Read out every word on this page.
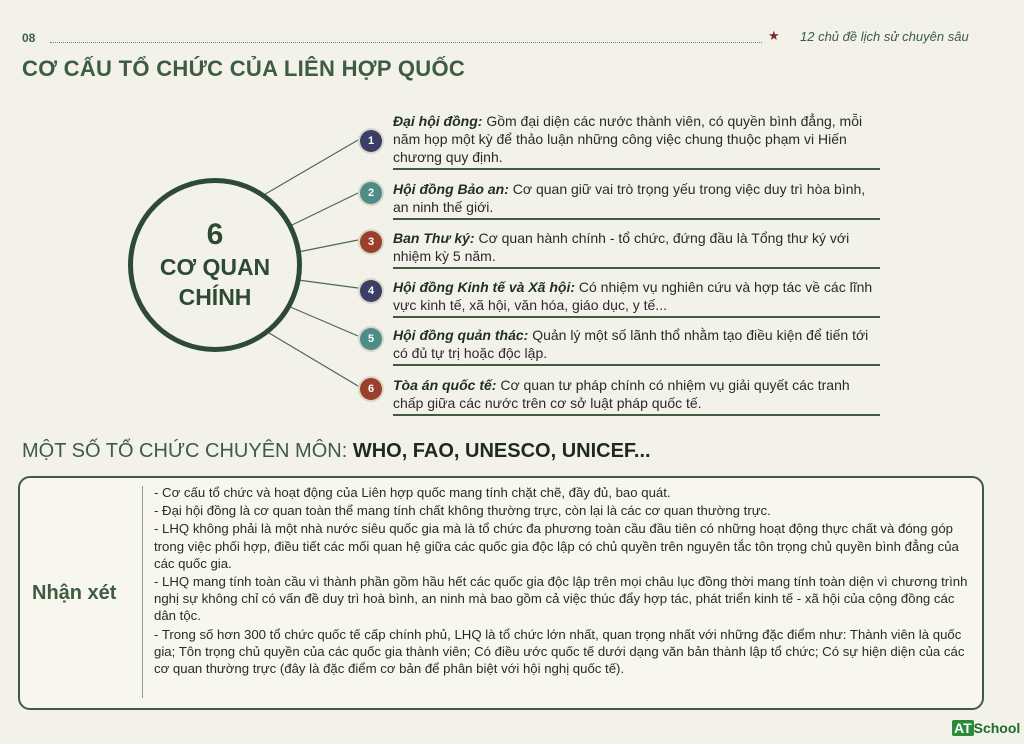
08	★ 12 chủ đề lịch sử chuyên sâu
CƠ CẤU TỔ CHỨC CỦA LIÊN HỢP QUỐC
6
CƠ QUAN CHÍNH
1
Đại hội đồng: Gồm đại diện các nước thành viên, có quyền bình đẳng, mỗi năm họp một kỳ để thảo luận những công việc chung thuộc phạm vi Hiến chương quy định.
2	Hội đồng Bảo an: Cơ quan giữ vai trò trọng yếu trong việc duy trì hòa bình, an ninh thế giới.
3	Ban Thư ký: Cơ quan hành chính - tổ chức, đứng đầu là Tổng thư ký với nhiệm kỳ 5 năm.
4	Hội đồng Kinh tế và Xã hội: Có nhiệm vụ nghiên cứu và hợp tác về các lĩnh vực kinh tế, xã hội, văn hóa, giáo dục, y tế...
5	Hội đồng quản thác: Quản lý một số lãnh thổ nhằm tạo điều kiện để tiến tới có đủ tự trị hoặc độc lập.
6	Tòa án quốc tế: Cơ quan tư pháp chính có nhiệm vụ giải quyết các tranh chấp giữa các nước trên cơ sở luật pháp quốc tế.
MỘT SỐ TỔ CHỨC CHUYÊN MÔN: WHO, FAO, UNESCO, UNICEF...
Nhận xét
- Cơ cấu tổ chức và hoạt động của Liên hợp quốc mang tính chặt chẽ, đầy đủ, bao quát.
- Đại hội đồng là cơ quan toàn thể mang tính chất không thường trực, còn lại là các cơ quan thường trực.
- LHQ không phải là một nhà nước siêu quốc gia mà là tổ chức đa phương toàn cầu đầu tiên có những hoạt động thực chất và đóng góp trong việc phối hợp, điều tiết các mối quan hệ giữa các quốc gia độc lập có chủ quyền trên nguyên tắc tôn trọng chủ quyền bình đẳng của các quốc gia.
- LHQ mang tính toàn cầu vì thành phần gồm hầu hết các quốc gia độc lập trên mọi châu lục đồng thời mang tính toàn diện vì chương trình nghị sự không chỉ có vấn đề duy trì hoà bình, an ninh mà bao gồm cả việc thúc đẩy hợp tác, phát triển kinh tế - xã hội của cộng đồng các dân tộc.
- Trong số hơn 300 tổ chức quốc tế cấp chính phủ, LHQ là tổ chức lớn nhất, quan trọng nhất với những đặc điểm như: Thành viên là quốc gia; Tôn trọng chủ quyền của các quốc gia thành viên; Có điều ước quốc tế dưới dạng văn bản thành lập tổ chức; Có sự hiện diện của các cơ quan thường trực (đây là đặc điểm cơ bản để phân biệt với hội nghị quốc tế).
AT School
